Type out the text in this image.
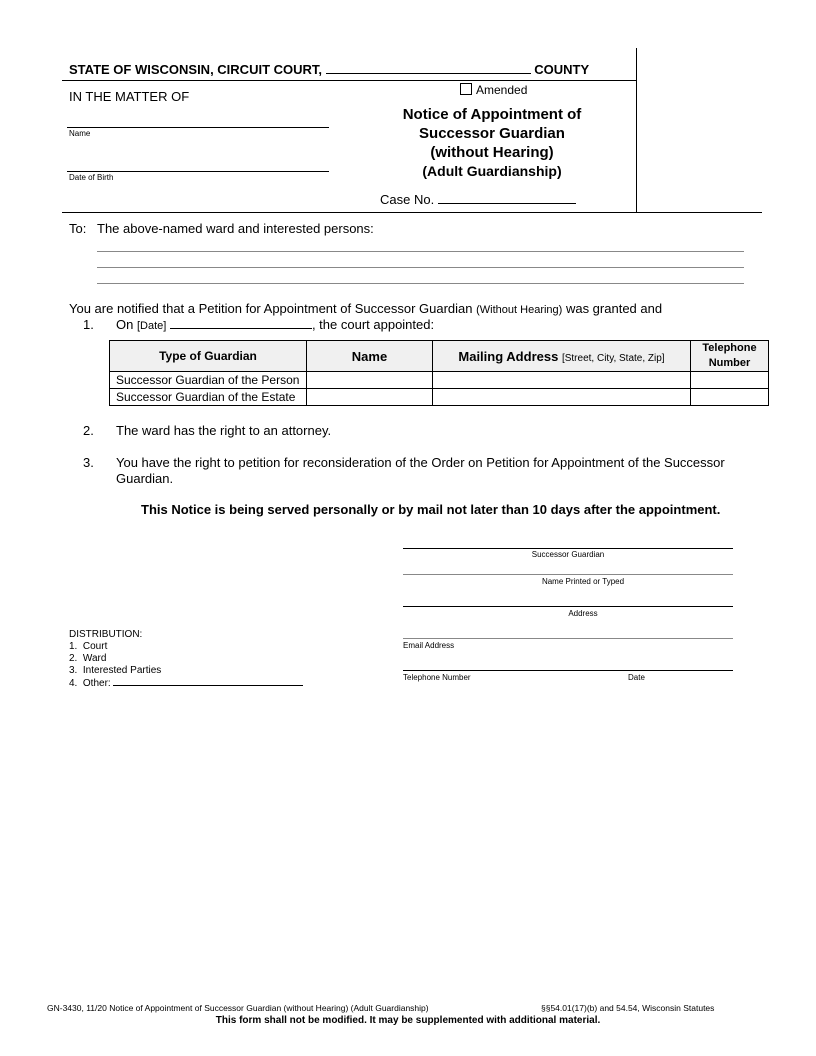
STATE OF WISCONSIN, CIRCUIT COURT,	COUNTY
IN THE MATTER OF
Name
Date of Birth
Amended
Notice of Appointment of
Successor Guardian
(without Hearing)
(Adult Guardianship)
Case No.
To: The above-named ward and interested persons:
You are notified that a Petition for Appointment of Successor Guardian (Without Hearing) was granted and
1. On [Date]	, the court appointed:
Type of Guardian	Name	Mailing Address [Street, City, State, Zip]	Telephone Number
Successor Guardian of the Person			
Successor Guardian of the Estate			
2. The ward has the right to an attorney.
3. You have the right to petition for reconsideration of the Order on Petition for Appointment of the Successor Guardian.
This Notice is being served personally or by mail not later than 10 days after the appointment.
Successor Guardian
Name Printed or Typed
Address
Email Address
Telephone Number	Date
DISTRIBUTION:
1.  Court
2.  Ward
3.  Interested Parties
4.  Other:
GN-3430, 11/20 Notice of Appointment of Successor Guardian (without Hearing) (Adult Guardianship)	§§54.01(17)(b) and 54.54, Wisconsin Statutes
This form shall not be modified. It may be supplemented with additional material.
